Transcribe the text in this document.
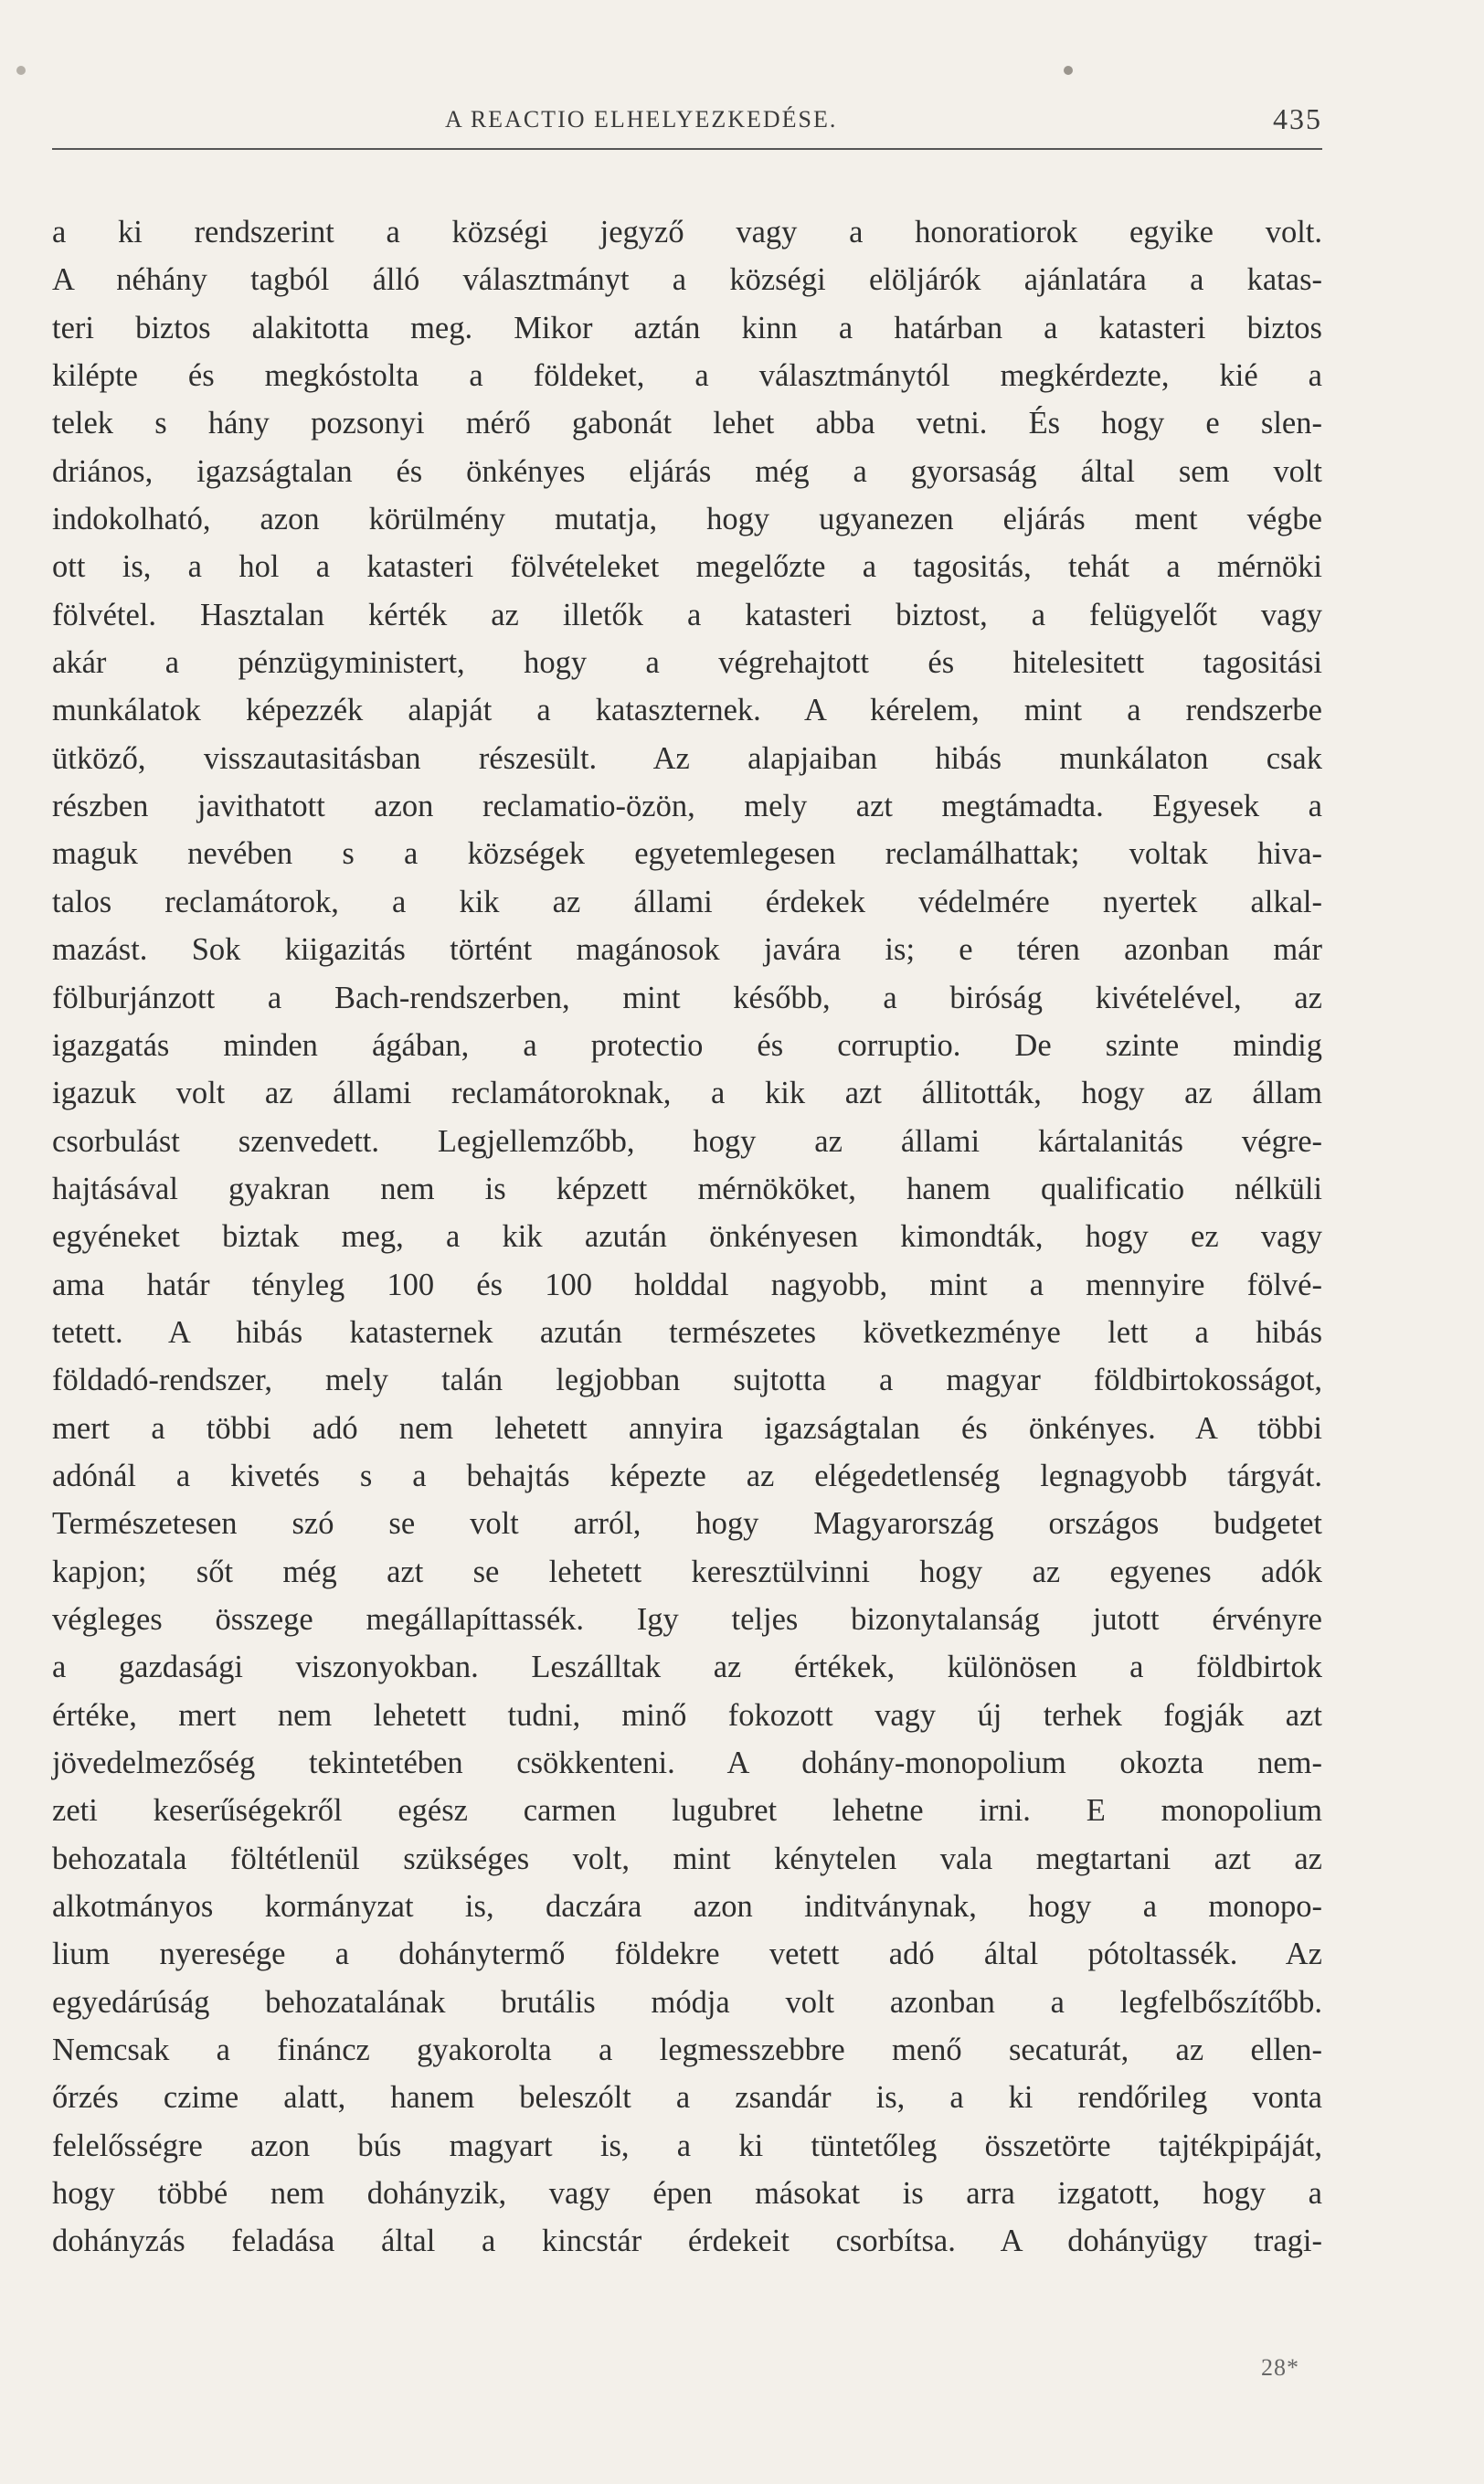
A REACTIO ELHELYEZKEDÉSE.	435
a ki rendszerint a községi jegyző vagy a honoratiorok egyike volt.
A néhány tagból álló választmányt a községi elöljárók ajánlatára a katas-
teri biztos alakitotta meg. Mikor aztán kinn a határban a katasteri biztos
kilépte és megkóstolta a földeket, a választmánytól megkérdezte, kié a
telek s hány pozsonyi mérő gabonát lehet abba vetni. És hogy e slen-
driános, igazságtalan és önkényes eljárás még a gyorsaság által sem volt
indokolható, azon körülmény mutatja, hogy ugyanezen eljárás ment végbe
ott is, a hol a katasteri fölvételeket megelőzte a tagositás, tehát a mérnöki
fölvétel. Hasztalan kérték az illetők a katasteri biztost, a felügyelőt vagy
akár a pénzügyministert, hogy a végrehajtott és hitelesitett tagositási
munkálatok képezzék alapját a kataszternek. A kérelem, mint a rendszerbe
ütköző, visszautasitásban részesült. Az alapjaiban hibás munkálaton csak
részben javithatott azon reclamatio-özön, mely azt megtámadta. Egyesek a
maguk nevében s a községek egyetemlegesen reclamálhattak; voltak hiva-
talos reclamátorok, a kik az állami érdekek védelmére nyertek alkal-
mazást. Sok kiigazitás történt magánosok javára is; e téren azonban már
fölburjánzott a Bach-rendszerben, mint később, a biróság kivételével, az
igazgatás minden ágában, a protectio és corruptio. De szinte mindig
igazuk volt az állami reclamátoroknak, a kik azt állitották, hogy az állam
csorbulást szenvedett. Legjellemzőbb, hogy az állami kártalanitás végre-
hajtásával gyakran nem is képzett mérnököket, hanem qualificatio nélküli
egyéneket biztak meg, a kik azután önkényesen kimondták, hogy ez vagy
ama határ tényleg 100 és 100 holddal nagyobb, mint a mennyire fölvé-
tetett. A hibás katasternek azután természetes következménye lett a hibás
földadó-rendszer, mely talán legjobban sujtotta a magyar földbirtokosságot,
mert a többi adó nem lehetett annyira igazságtalan és önkényes. A többi
adónál a kivetés s a behajtás képezte az elégedetlenség legnagyobb tárgyát.
Természetesen szó se volt arról, hogy Magyarország országos budgetet
kapjon; sőt még azt se lehetett keresztülvinni hogy az egyenes adók
végleges összege megállapíttassék. Igy teljes bizonytalanság jutott érvényre
a gazdasági viszonyokban. Leszálltak az értékek, különösen a földbirtok
értéke, mert nem lehetett tudni, minő fokozott vagy új terhek fogják azt
jövedelmezőség tekintetében csökkenteni. A dohány-monopolium okozta nem-
zeti keserűségekről egész carmen lugubret lehetne irni. E monopolium
behozatala föltétlenül szükséges volt, mint kénytelen vala megtartani azt az
alkotmányos kormányzat is, daczára azon inditványnak, hogy a monopo-
lium nyeresége a dohánytermő földekre vetett adó által pótoltassék. Az
egyedárúság behozatalának brutális módja volt azonban a legfelbőszítőbb.
Nemcsak a fináncz gyakorolta a legmesszebbre menő secaturát, az ellen-
őrzés czime alatt, hanem beleszólt a zsandár is, a ki rendőrileg vonta
felelősségre azon bús magyart is, a ki tüntetőleg összetörte tajtékpipáját,
hogy többé nem dohányzik, vagy épen másokat is arra izgatott, hogy a
dohányzás feladása által a kincstár érdekeit csorbítsa. A dohányügy tragi-
28*
